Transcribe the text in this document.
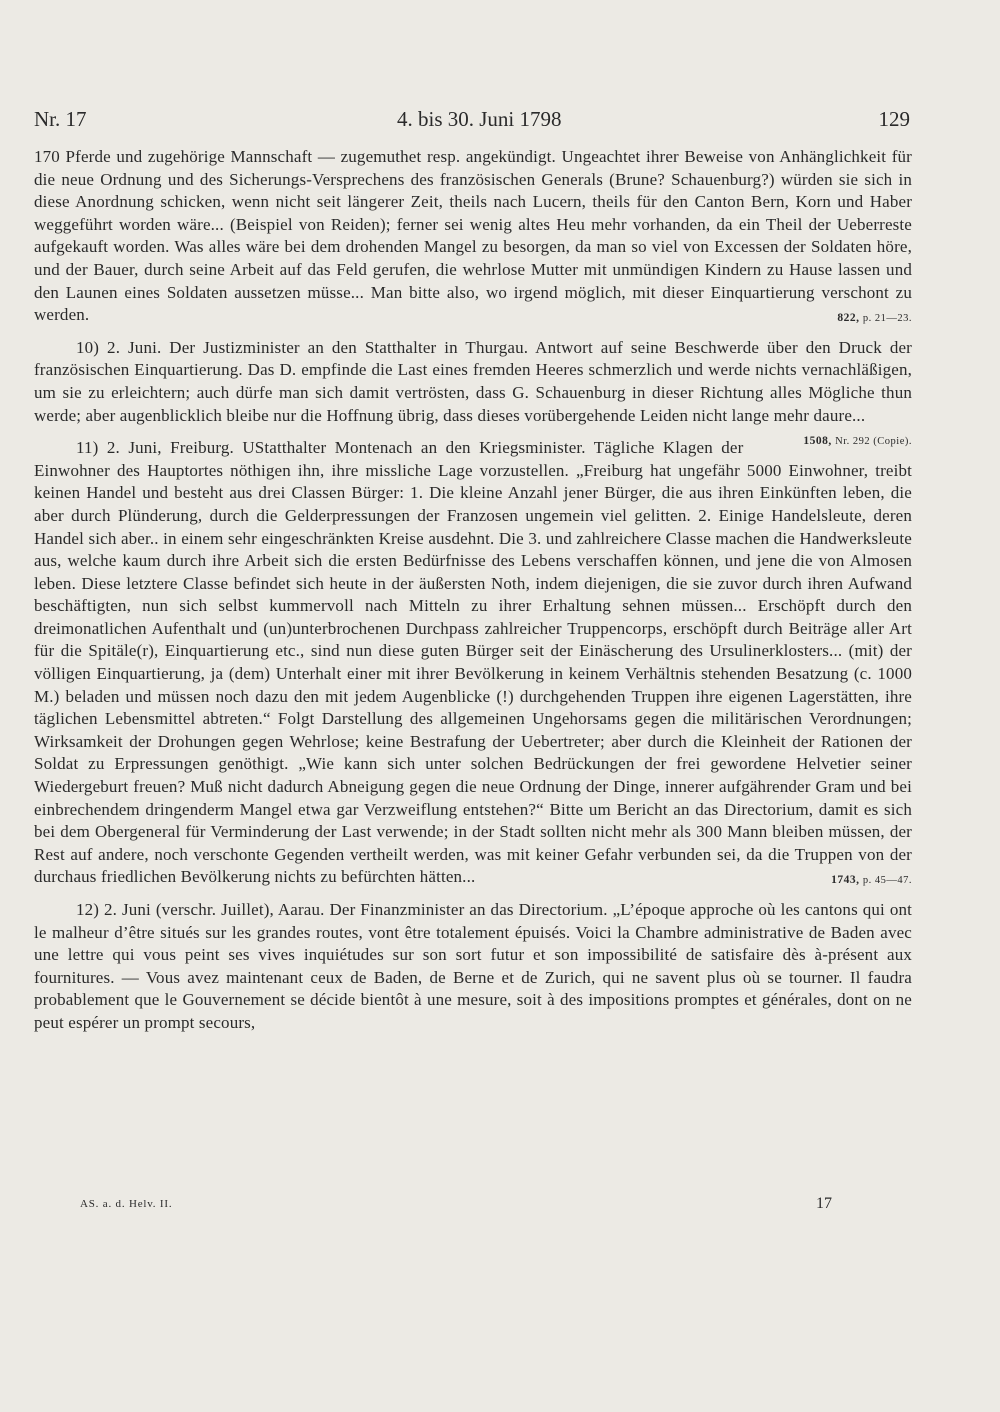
Nr. 17	4. bis 30. Juni 1798	129

170 Pferde und zugehörige Mannschaft — zugemuthet resp. angekündigt. Ungeachtet ihrer Beweise von Anhänglichkeit für die neue Ordnung und des Sicherungs-Versprechens des französischen Generals (Brune? Schauenburg?) würden sie sich in diese Anordnung schicken, wenn nicht seit längerer Zeit, theils nach Lucern, theils für den Canton Bern, Korn und Haber weggeführt worden wäre... (Beispiel von Reiden); ferner sei wenig altes Heu mehr vorhanden, da ein Theil der Ueberreste aufgekauft worden. Was alles wäre bei dem drohenden Mangel zu besorgen, da man so viel von Excessen der Soldaten höre, und der Bauer, durch seine Arbeit auf das Feld gerufen, die wehrlose Mutter mit unmündigen Kindern zu Hause lassen und den Launen eines Soldaten aussetzen müsse... Man bitte also, wo irgend möglich, mit dieser Einquartierung verschont zu werden.	822, p. 21—23.

10) 2. Juni. Der Justizminister an den Statthalter in Thurgau. Antwort auf seine Beschwerde über den Druck der französischen Einquartierung. Das D. empfinde die Last eines fremden Heeres schmerzlich und werde nichts vernachläßigen, um sie zu erleichtern; auch dürfe man sich damit vertrösten, dass G. Schauenburg in dieser Richtung alles Mögliche thun werde; aber augenblicklich bleibe nur die Hoffnung übrig, dass dieses vorübergehende Leiden nicht lange mehr daure...
1508, Nr. 292 (Copie).

11) 2. Juni, Freiburg. UStatthalter Montenach an den Kriegsminister. Tägliche Klagen der Einwohner des Hauptortes nöthigen ihn, ihre missliche Lage vorzustellen. „Freiburg hat ungefähr 5000 Einwohner, treibt keinen Handel und besteht aus drei Classen Bürger: 1. Die kleine Anzahl jener Bürger, die aus ihren Einkünften leben, die aber durch Plünderung, durch die Gelderpressungen der Franzosen ungemein viel gelitten. 2. Einige Handelsleute, deren Handel sich aber.. in einem sehr eingeschränkten Kreise ausdehnt. Die 3. und zahlreichere Classe machen die Handwerksleute aus, welche kaum durch ihre Arbeit sich die ersten Bedürfnisse des Lebens verschaffen können, und jene die von Almosen leben. Diese letztere Classe befindet sich heute in der äußersten Noth, indem diejenigen, die sie zuvor durch ihren Aufwand beschäftigten, nun sich selbst kummervoll nach Mitteln zu ihrer Erhaltung sehnen müssen... Erschöpft durch den dreimonatlichen Aufenthalt und (un)unterbrochenen Durchpass zahlreicher Truppencorps, erschöpft durch Beiträge aller Art für die Spitäle(r), Einquartierung etc., sind nun diese guten Bürger seit der Einäscherung des Ursulinerklosters... (mit) der völligen Einquartierung, ja (dem) Unterhalt einer mit ihrer Bevölkerung in keinem Verhältnis stehenden Besatzung (c. 1000 M.) beladen und müssen noch dazu den mit jedem Augenblicke (!) durchgehenden Truppen ihre eigenen Lagerstätten, ihre täglichen Lebensmittel abtreten.“ Folgt Darstellung des allgemeinen Ungehorsams gegen die militärischen Verordnungen; Wirksamkeit der Drohungen gegen Wehrlose; keine Bestrafung der Uebertreter; aber durch die Kleinheit der Rationen der Soldat zu Erpressungen genöthigt. „Wie kann sich unter solchen Bedrückungen der frei gewordene Helvetier seiner Wiedergeburt freuen? Muß nicht dadurch Abneigung gegen die neue Ordnung der Dinge, innerer aufgährender Gram und bei einbrechendem dringenderm Mangel etwa gar Verzweiflung entstehen?“ Bitte um Bericht an das Directorium, damit es sich bei dem Obergeneral für Verminderung der Last verwende; in der Stadt sollten nicht mehr als 300 Mann bleiben müssen, der Rest auf andere, noch verschonte Gegenden vertheilt werden, was mit keiner Gefahr verbunden sei, da die Truppen von der durchaus friedlichen Bevölkerung nichts zu befürchten hätten...	1743, p. 45—47.

12) 2. Juni (verschr. Juillet), Aarau. Der Finanzminister an das Directorium. „L’époque approche où les cantons qui ont le malheur d’être situés sur les grandes routes, vont être totalement épuisés. Voici la Chambre administrative de Baden avec une lettre qui vous peint ses vives inquiétudes sur son sort futur et son impossibilité de satisfaire dès à-présent aux fournitures. — Vous avez maintenant ceux de Baden, de Berne et de Zurich, qui ne savent plus où se tourner. Il faudra probablement que le Gouvernement se décide bientôt à une mesure, soit à des impositions promptes et générales, dont on ne peut espérer un prompt secours,

AS. a. d. Helv. II.	17
